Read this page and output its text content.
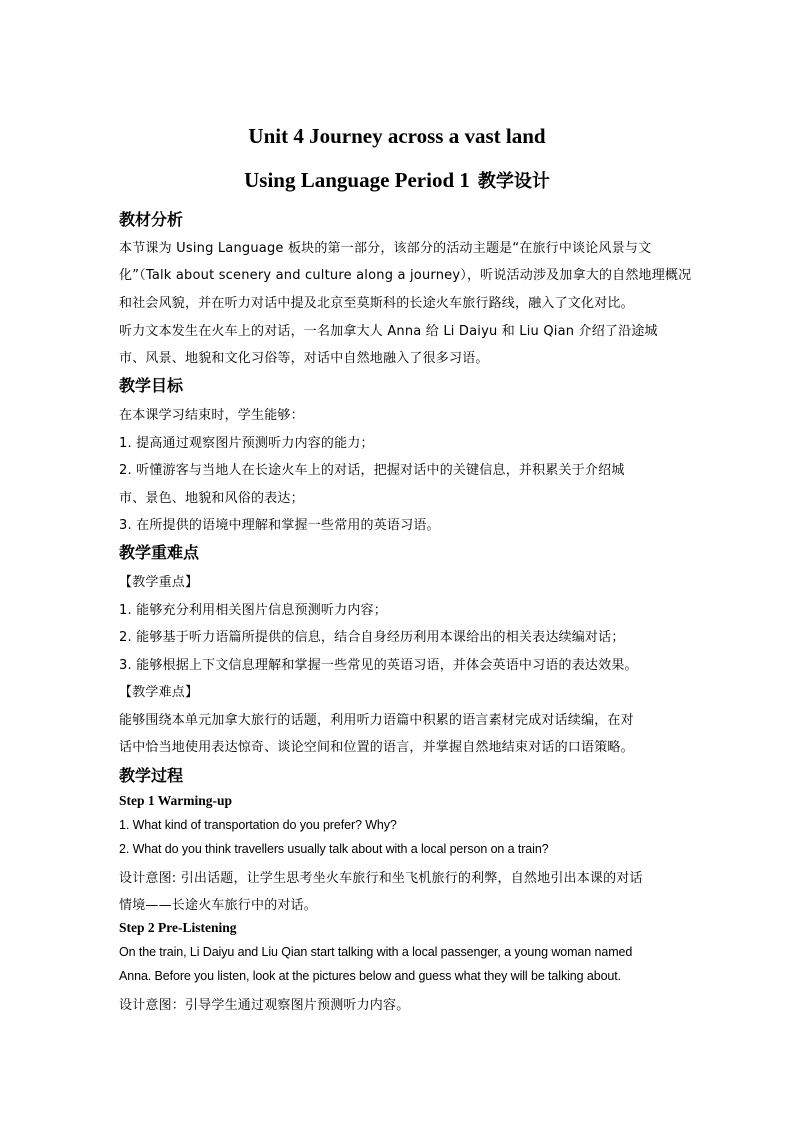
Unit 4 Journey across a vast land
Using Language Period 1 教学设计
教材分析
本节课为 Using Language 板块的第一部分，该部分的活动主题是“在旅行中谈论风景与文
化”（Talk about scenery and culture along a journey），听说活动涉及加拿大的自然地理概况
和社会风貌，并在听力对话中提及北京至莫斯科的长途火车旅行路线，融入了文化对比。
听力文本发生在火车上的对话，一名加拿大人 Anna 给 Li Daiyu 和 Liu Qian 介绍了沿途城
市、风景、地貌和文化习俗等，对话中自然地融入了很多习语。
教学目标
在本课学习结束时，学生能够：
1. 提高通过观察图片预测听力内容的能力；
2. 听懂游客与当地人在长途火车上的对话，把握对话中的关键信息，并积累关于介绍城
市、景色、地貌和风俗的表达；
3. 在所提供的语境中理解和掌握一些常用的英语习语。
教学重难点
【教学重点】
1. 能够充分利用相关图片信息预测听力内容；
2. 能够基于听力语篇所提供的信息，结合自身经历利用本课给出的相关表达续编对话；
3. 能够根据上下文信息理解和掌握一些常见的英语习语，并体会英语中习语的表达效果。
【教学难点】
能够围绕本单元加拿大旅行的话题，利用听力语篇中积累的语言素材完成对话续编，在对
话中恰当地使用表达惊奇、谈论空间和位置的语言，并掌握自然地结束对话的口语策略。
教学过程
Step 1 Warming-up
1. What kind of transportation do you prefer? Why?
2. What do you think travellers usually talk about with a local person on a train?
设计意图: 引出话题，让学生思考坐火车旅行和坐飞机旅行的利弊，自然地引出本课的对话
情境——长途火车旅行中的对话。
Step 2 Pre-Listening
On the train, Li Daiyu and Liu Qian start talking with a local passenger, a young woman named
Anna. Before you listen, look at the pictures below and guess what they will be talking about.
设计意图：引导学生通过观察图片预测听力内容。
